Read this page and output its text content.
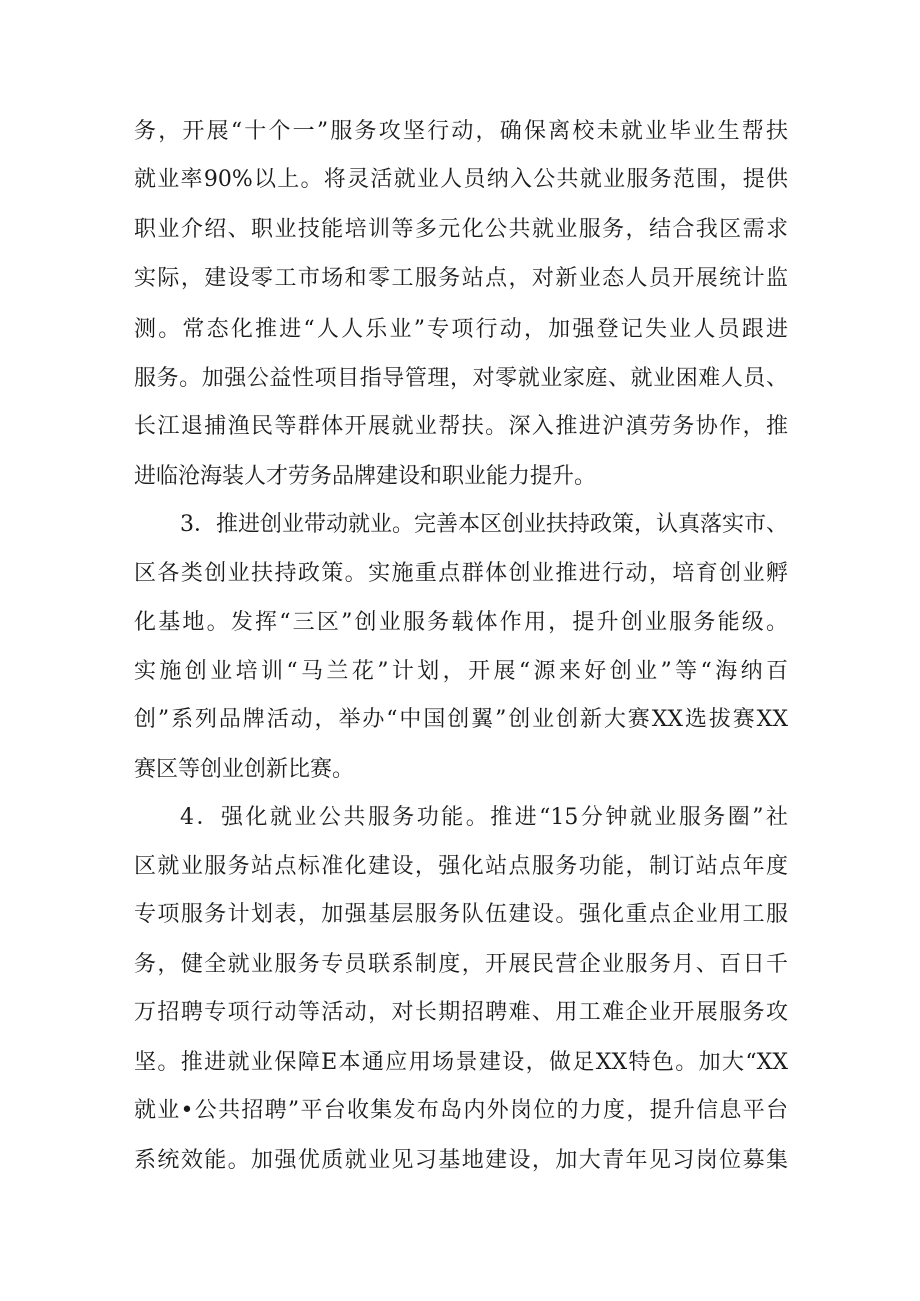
务，开展“十个一”服务攻坚行动，确保离校未就业毕业生帮扶
就业率90%以上。将灵活就业人员纳入公共就业服务范围，提供
职业介绍、职业技能培训等多元化公共就业服务，结合我区需求
实际，建设零工市场和零工服务站点，对新业态人员开展统计监
测。常态化推进“人人乐业”专项行动，加强登记失业人员跟进
服务。加强公益性项目指导管理，对零就业家庭、就业困难人员、
长江退捕渔民等群体开展就业帮扶。深入推进沪滇劳务协作，推
进临沧海装人才劳务品牌建设和职业能力提升。
3．推进创业带动就业。完善本区创业扶持政策，认真落实市、
区各类创业扶持政策。实施重点群体创业推进行动，培育创业孵
化基地。发挥“三区”创业服务载体作用，提升创业服务能级。
实施创业培训“马兰花”计划，开展“源来好创业”等“海纳百
创”系列品牌活动，举办“中国创翼”创业创新大赛XX选拔赛XX
赛区等创业创新比赛。
4．强化就业公共服务功能。推进“15分钟就业服务圈”社
区就业服务站点标准化建设，强化站点服务功能，制订站点年度
专项服务计划表，加强基层服务队伍建设。强化重点企业用工服
务，健全就业服务专员联系制度，开展民营企业服务月、百日千
万招聘专项行动等活动，对长期招聘难、用工难企业开展服务攻
坚。推进就业保障E本通应用场景建设，做足XX特色。加大“XX
就业•公共招聘”平台收集发布岛内外岗位的力度，提升信息平台
系统效能。加强优质就业见习基地建设，加大青年见习岗位募集
